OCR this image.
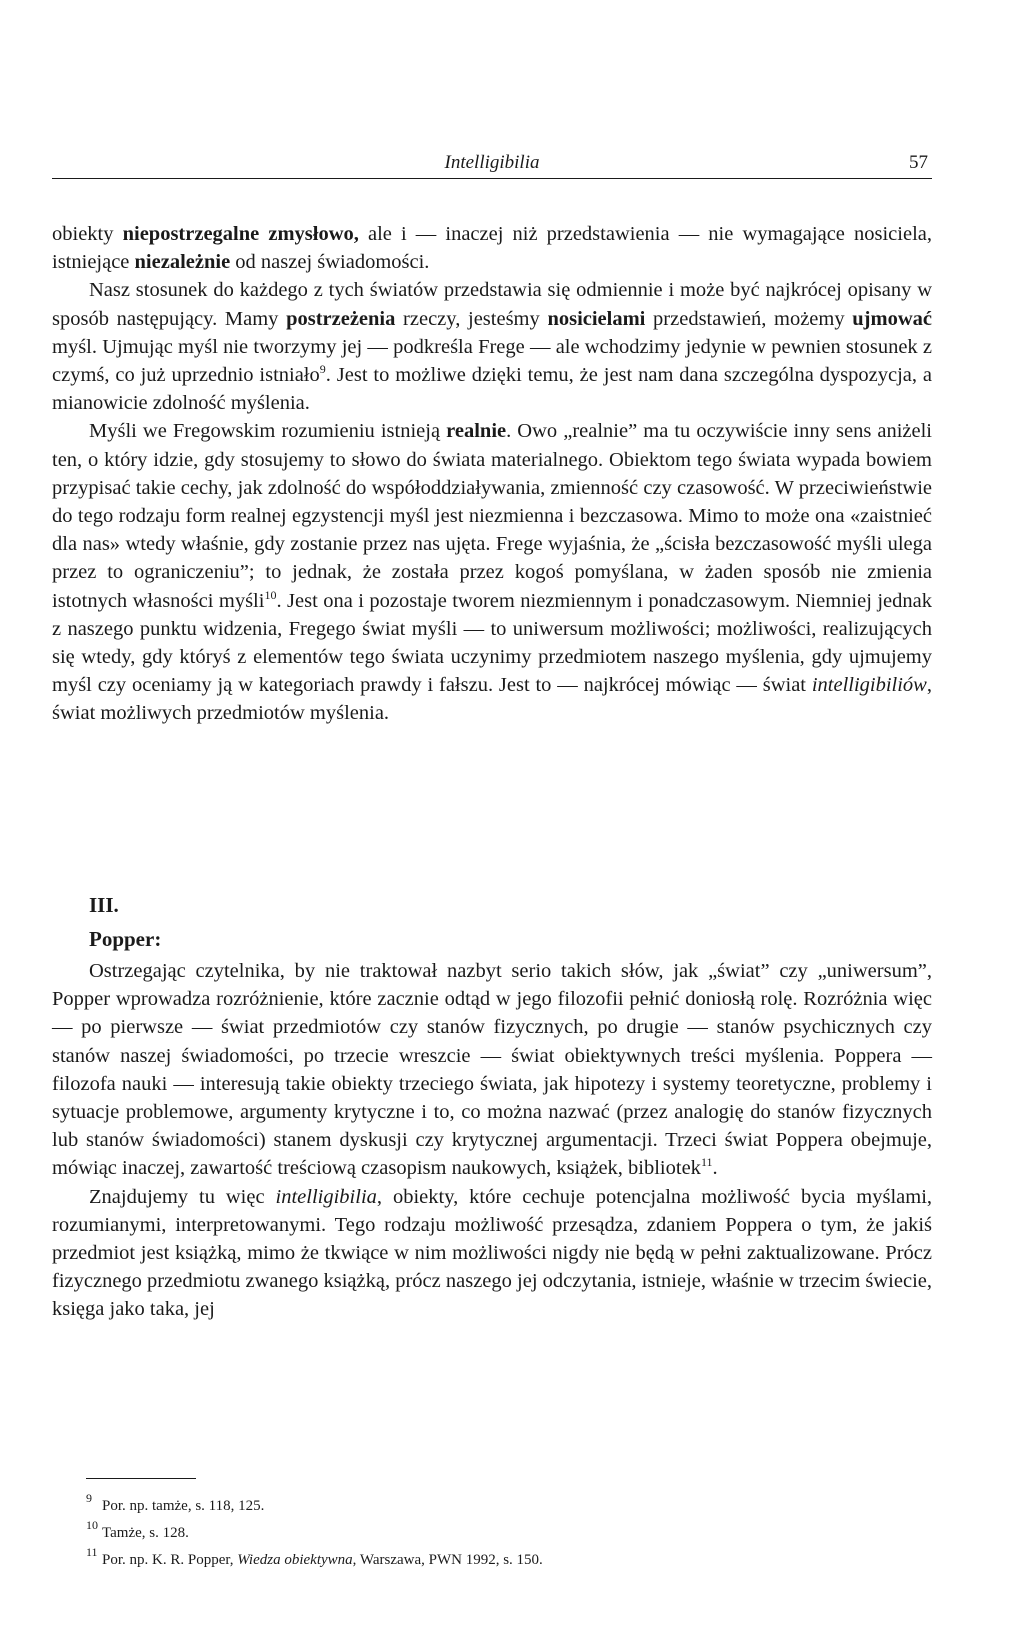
Intelligibilia	57

obiekty niepostrzegalne zmysłowo, ale i — inaczej niż przedstawienia — nie wymagające nosiciela, istniejące niezależnie od naszej świadomości.

Nasz stosunek do każdego z tych światów przedstawia się odmiennie i może być najkrócej opisany w sposób następujący. Mamy postrzeżenia rzeczy, jesteśmy nosicielami przedstawień, możemy ujmować myśl. Ujmując myśl nie tworzymy jej — podkreśla Frege — ale wchodzimy jedynie w pewnien stosunek z czymś, co już uprzednio istniało$^9$. Jest to możliwe dzięki temu, że jest nam dana szczególna dyspozycja, a mianowicie zdolność myślenia.

Myśli we Fregowskim rozumieniu istnieją realnie. Owo „realnie” ma tu oczywiście inny sens aniżeli ten, o który idzie, gdy stosujemy to słowo do świata materialnego. Obiektom tego świata wypada bowiem przypisać takie cechy, jak zdolność do współoddziaływania, zmienność czy czasowość. W przeciwieństwie do tego rodzaju form realnej egzystencji myśl jest niezmienna i bezczasowa. Mimo to może ona «zaistnieć dla nas» wtedy właśnie, gdy zostanie przez nas ujęta. Frege wyjaśnia, że „ścisła bezczasowość myśli ulega przez to ograniczeniu”; to jednak, że została przez kogoś pomyślana, w żaden sposób nie zmienia istotnych własności myśli$^{10}$. Jest ona i pozostaje tworem niezmiennym i ponadczasowym. Niemniej jednak z naszego punktu widzenia, Fregego świat myśli — to uniwersum możliwości; możliwości, realizujących się wtedy, gdy któryś z elementów tego świata uczynimy przedmiotem naszego myślenia, gdy ujmujemy myśl czy oceniamy ją w kategoriach prawdy i fałszu. Jest to — najkrócej mówiąc — świat intelligibiliów, świat możliwych przedmiotów myślenia.

III.
Popper:

Ostrzegając czytelnika, by nie traktował nazbyt serio takich słów, jak „świat” czy „uniwersum”, Popper wprowadza rozróżnienie, które zacznie odtąd w jego filozofii pełnić doniosłą rolę. Rozróżnia więc — po pierwsze — świat przedmiotów czy stanów fizycznych, po drugie — stanów psychicznych czy stanów naszej świadomości, po trzecie wreszcie — świat obiektywnych treści myślenia. Poppera — filozofa nauki — interesują takie obiekty trzeciego świata, jak hipotezy i systemy teoretyczne, problemy i sytuacje problemowe, argumenty krytyczne i to, co można nazwać (przez analogię do stanów fizycznych lub stanów świadomości) stanem dyskusji czy krytycznej argumentacji. Trzeci świat Poppera obejmuje, mówiąc inaczej, zawartość treściową czasopism naukowych, książek, bibliotek$^{11}$.

Znajdujemy tu więc intelligibilia, obiekty, które cechuje potencjalna możliwość bycia myślami, rozumianymi, interpretowanymi. Tego rodzaju możliwość przesądza, zdaniem Poppera o tym, że jakiś przedmiot jest książką, mimo że tkwiące w nim możliwości nigdy nie będą w pełni zaktualizowane. Prócz fizycznego przedmiotu zwanego książką, prócz naszego jej odczytania, istnieje, właśnie w trzecim świecie, księga jako taka, jej

9 Por. np. tamże, s. 118, 125.
10 Tamże, s. 128.
11 Por. np. K. R. Popper, Wiedza obiektywna, Warszawa, PWN 1992, s. 150.
